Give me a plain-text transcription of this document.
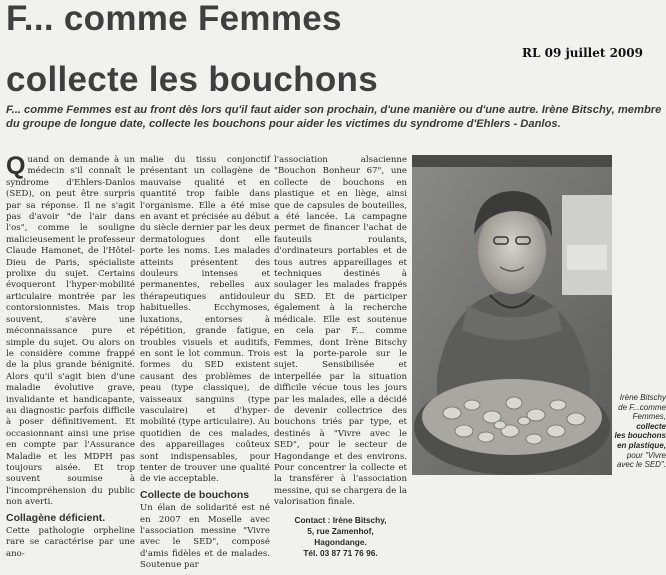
F... comme Femmes
collecte les bouchons
RL 09 juillet 2009
F... comme Femmes est au front dès lors qu'il faut aider son prochain, d'une manière ou d'une autre. Irène Bitschy, membre du groupe de longue date, collecte les bouchons pour aider les victimes du syndrome d'Ehlers - Danlos.

Quand on demande à un médecin s'il connaît le syndrome d'Ehlers-Danlos (SED), on peut être surpris par sa réponse. Il ne s'agit pas d'avoir "de l'air dans l'os", comme le souligne malicieusement le professeur Claude Hamonet, de l'Hôtel-Dieu de Paris, spécialiste prolixe du sujet. Certains évoqueront l'hyper-mobilité articulaire montrée par les contorsionnistes. Mais trop souvent, s'avère une méconnaissance pure et simple du sujet. Ou alors on le considère comme frappé de la plus grande bénignité. Alors qu'il s'agit bien d'une maladie évolutive grave, invalidante et handicapante, au diagnostic parfois difficile à poser définitivement. Et occasionnant ainsi une prise en compte par l'Assurance Maladie et les MDPH pas toujours aisée. Et trop souvent soumise à l'incompréhension du public non averti.

Collagène déficient.

Cette pathologie orpheline rare se caractérise par une ano-

malie du tissu conjonctif présentant un collagène de mauvaise qualité et en quantité trop faible dans l'organisme. Elle a été mise en avant et précisée au début du siècle dernier par les deux dermatologues dont elle porte les noms. Les malades atteints présentent des douleurs intenses et permanentes, rebelles aux thérapeutiques antidouleur habituelles. Ecchymoses, luxations, entorses à répétition, grande fatigue, troubles visuels et auditifs, en sont le lot commun. Trois formes du SED existent causant des problèmes de peau (type classique), de vaisseaux sanguins (type vasculaire) et d'hyper-mobilité (type articulaire). Au quotidien de ces malades, des appareillages coûteux sont indispensables, pour tenter de trouver une qualité de vie acceptable.

Collecte de bouchons

Un élan de solidarité est né en 2007 en Moselle avec l'association messine "Vivre avec le SED", composé d'amis fidèles et de malades. Soutenue par

l'association alsacienne "Bouchon Bonheur 67", une collecte de bouchons en plastique et en liège, ainsi que de capsules de bouteilles, a été lancée. La campagne permet de financer l'achat de fauteuils roulants, d'ordinateurs portables et de tous autres appareillages et techniques destinés à soulager les malades frappés du SED. Et de participer également à la recherche médicale. Elle est soutenue en cela par F... comme Femmes, dont Irène Bitschy est la porte-parole sur le sujet. Sensibilisée et interpellée par la situation difficile vécue tous les jours par les malades, elle a décidé de devenir collectrice des bouchons triés par type, et destinés à "Vivre avec le SED", pour le secteur de Hagondange et des environs. Pour concentrer la collecte et la transférer à l'association messine, qui se chargera de la valorisation finale.

Contact : Irène Bitschy,
5, rue Zamenhof,
Hagondange.
Tél. 03 87 71 76 96.
Irène Bitschy
de F...comme
Femmes,
collecte
les bouchons
en plastique,
pour "Vivre
avec le SED".
